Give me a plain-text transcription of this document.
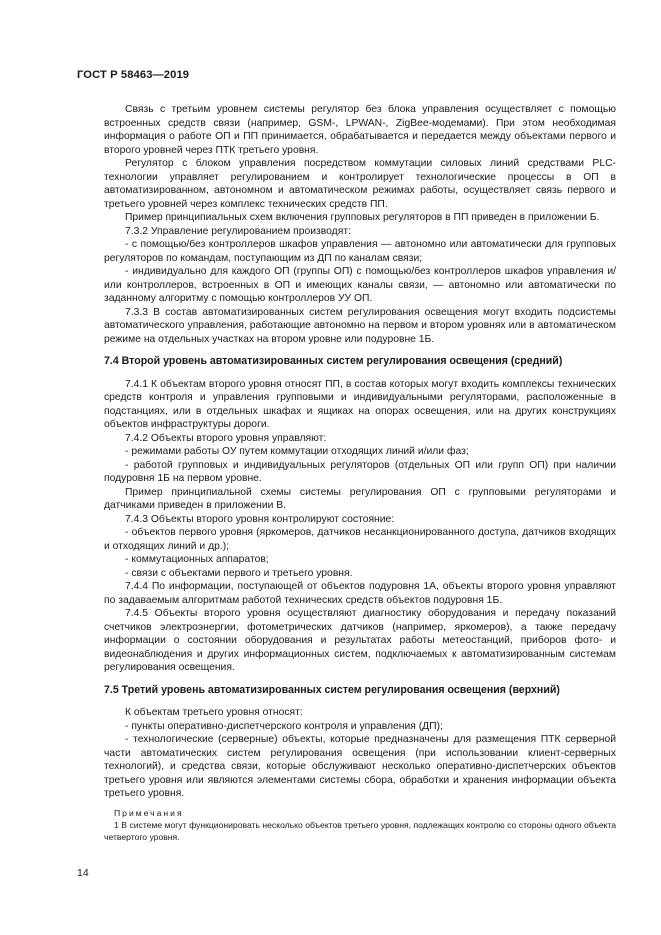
ГОСТ Р 58463—2019

Связь с третьим уровнем системы регулятор без блока управления осуществляет с помощью встроенных средств связи (например, GSM-, LPWAN-, ZigBee-модемами). При этом необходимая информация о работе ОП и ПП принимается, обрабатывается и передается между объектами первого и второго уровней через ПТК третьего уровня.

Регулятор с блоком управления посредством коммутации силовых линий средствами PLC-технологии управляет регулированием и контролирует технологические процессы в ОП в автоматизированном, автономном и автоматическом режимах работы, осуществляет связь первого и третьего уровней через комплекс технических средств ПП.

Пример принципиальных схем включения групповых регуляторов в ПП приведен в приложении Б.

7.3.2 Управление регулированием производят:

- с помощью/без контроллеров шкафов управления — автономно или автоматически для групповых регуляторов по командам, поступающим из ДП по каналам связи;

- индивидуально для каждого ОП (группы ОП) с помощью/без контроллеров шкафов управления и/или контроллеров, встроенных в ОП и имеющих каналы связи, — автономно или автоматически по заданному алгоритму с помощью контроллеров УУ ОП.

7.3.3 В состав автоматизированных систем регулирования освещения могут входить подсистемы автоматического управления, работающие автономно на первом и втором уровнях или в автоматическом режиме на отдельных участках на втором уровне или подуровне 1Б.

7.4 Второй уровень автоматизированных систем регулирования освещения (средний)

7.4.1 К объектам второго уровня относят ПП, в состав которых могут входить комплексы технических средств контроля и управления групповыми и индивидуальными регуляторами, расположенные в подстанциях, или в отдельных шкафах и ящиках на опорах освещения, или на других конструкциях объектов инфраструктуры дороги.

7.4.2 Объекты второго уровня управляют:

- режимами работы ОУ путем коммутации отходящих линий и/или фаз;

- работой групповых и индивидуальных регуляторов (отдельных ОП или групп ОП) при наличии подуровня 1Б на первом уровне.

Пример принципиальной схемы системы регулирования ОП с групповыми регуляторами и датчиками приведен в приложении В.

7.4.3 Объекты второго уровня контролируют состояние:

- объектов первого уровня (яркомеров, датчиков несанкционированного доступа, датчиков входящих и отходящих линий и др.);

- коммутационных аппаратов;

- связи с объектами первого и третьего уровня.

7.4.4 По информации, поступающей от объектов подуровня 1А, объекты второго уровня управляют по задаваемым алгоритмам работой технических средств объектов подуровня 1Б.

7.4.5 Объекты второго уровня осуществляют диагностику оборудования и передачу показаний счетчиков электроэнергии, фотометрических датчиков (например, яркомеров), а также передачу информации о состоянии оборудования и результатах работы метеостанций, приборов фото- и видеонаблюдения и других информационных систем, подключаемых к автоматизированным системам регулирования освещения.

7.5 Третий уровень автоматизированных систем регулирования освещения (верхний)

К объектам третьего уровня относят:

- пункты оперативно-диспетчерского контроля и управления (ДП);

- технологические (серверные) объекты, которые предназначены для размещения ПТК серверной части автоматических систем регулирования освещения (при использовании клиент-серверных технологий), и средства связи, которые обслуживают несколько оперативно-диспетчерских объектов третьего уровня или являются элементами системы сбора, обработки и хранения информации объекта третьего уровня.

Примечания

1 В системе могут функционировать несколько объектов третьего уровня, подлежащих контролю со стороны одного объекта четвертого уровня.

14
